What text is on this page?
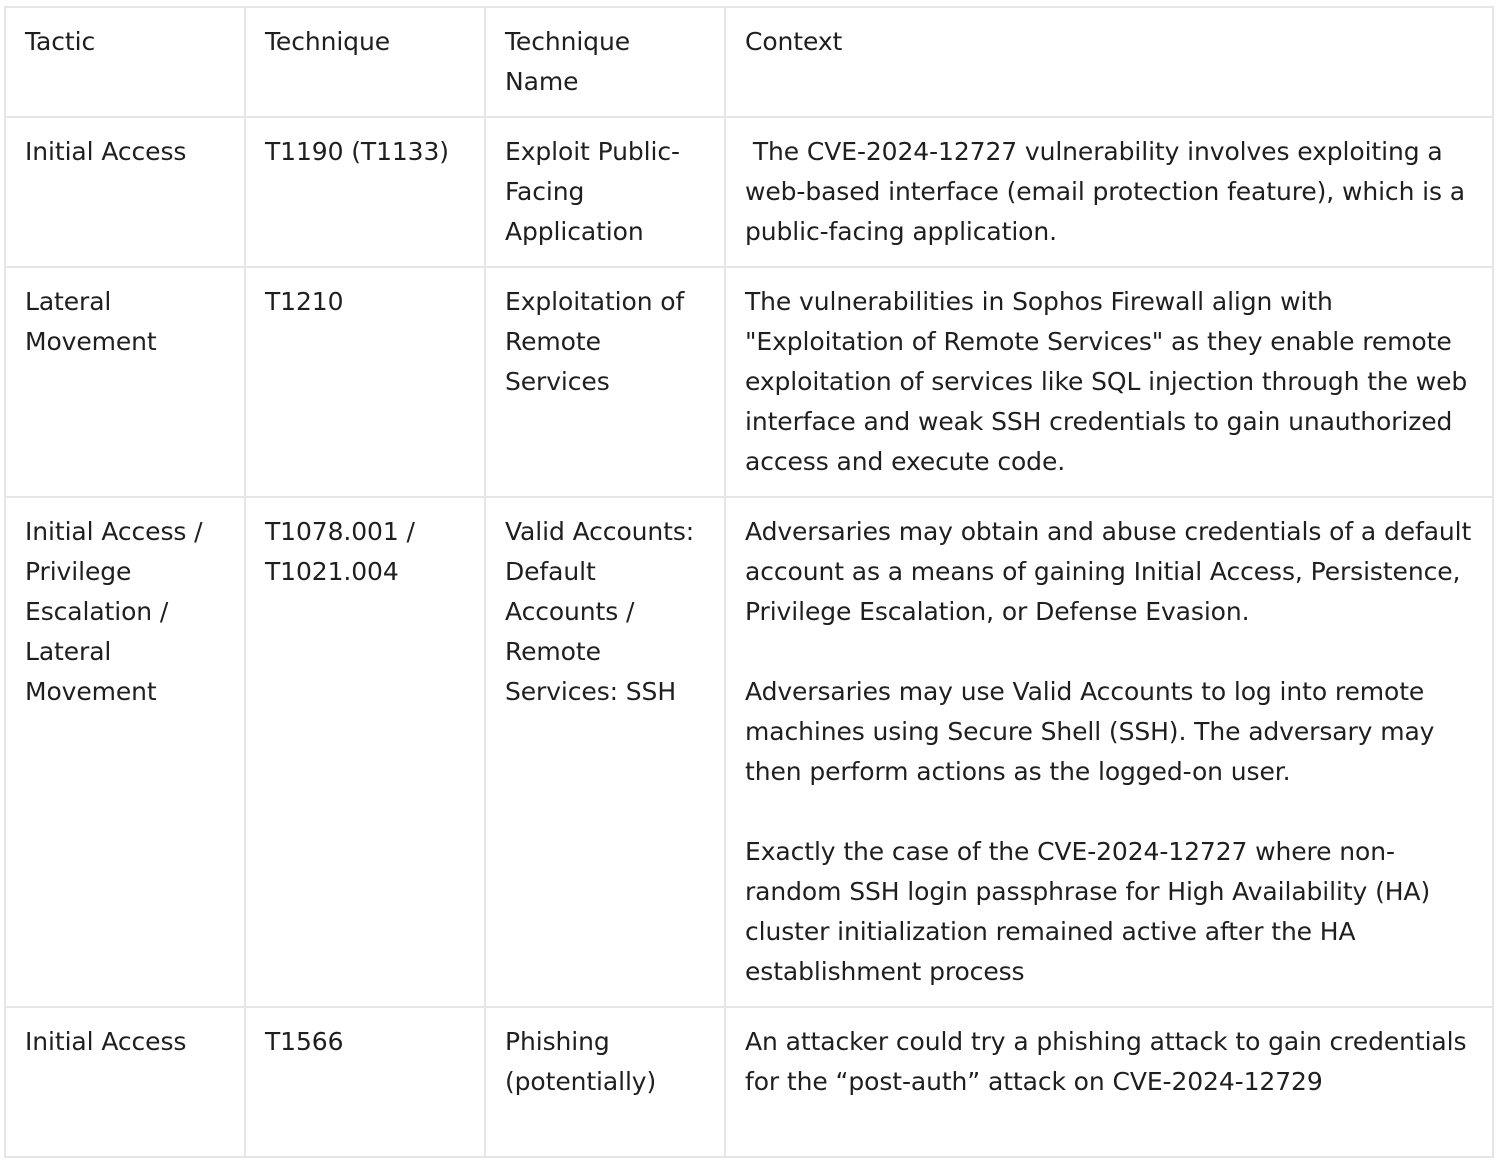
Tactic	Technique	Technique Name	Context
Initial Access	T1190 (T1133)	Exploit Public-Facing Application	The CVE-2024-12727 vulnerability involves exploiting a web-based interface (email protection feature), which is a public-facing application.

Lateral Movement	T1210	Exploitation of Remote Services	The vulnerabilities in Sophos Firewall align with "Exploitation of Remote Services" as they enable remote exploitation of services like SQL injection through the web interface and weak SSH credentials to gain unauthorized access and execute code.

Initial Access / Privilege Escalation / Lateral Movement	T1078.001 / T1021.004	Valid Accounts: Default Accounts / Remote Services: SSH	Adversaries may obtain and abuse credentials of a default account as a means of gaining Initial Access, Persistence, Privilege Escalation, or Defense Evasion.
Adversaries may use Valid Accounts to log into remote machines using Secure Shell (SSH). The adversary may then perform actions as the logged-on user.
Exactly the case of the CVE-2024-12727 where non-random SSH login passphrase for High Availability (HA) cluster initialization remained active after the HA establishment process

Initial Access	T1566	Phishing (potentially)	An attacker could try a phishing attack to gain credentials for the “post-auth” attack on CVE-2024-12729
